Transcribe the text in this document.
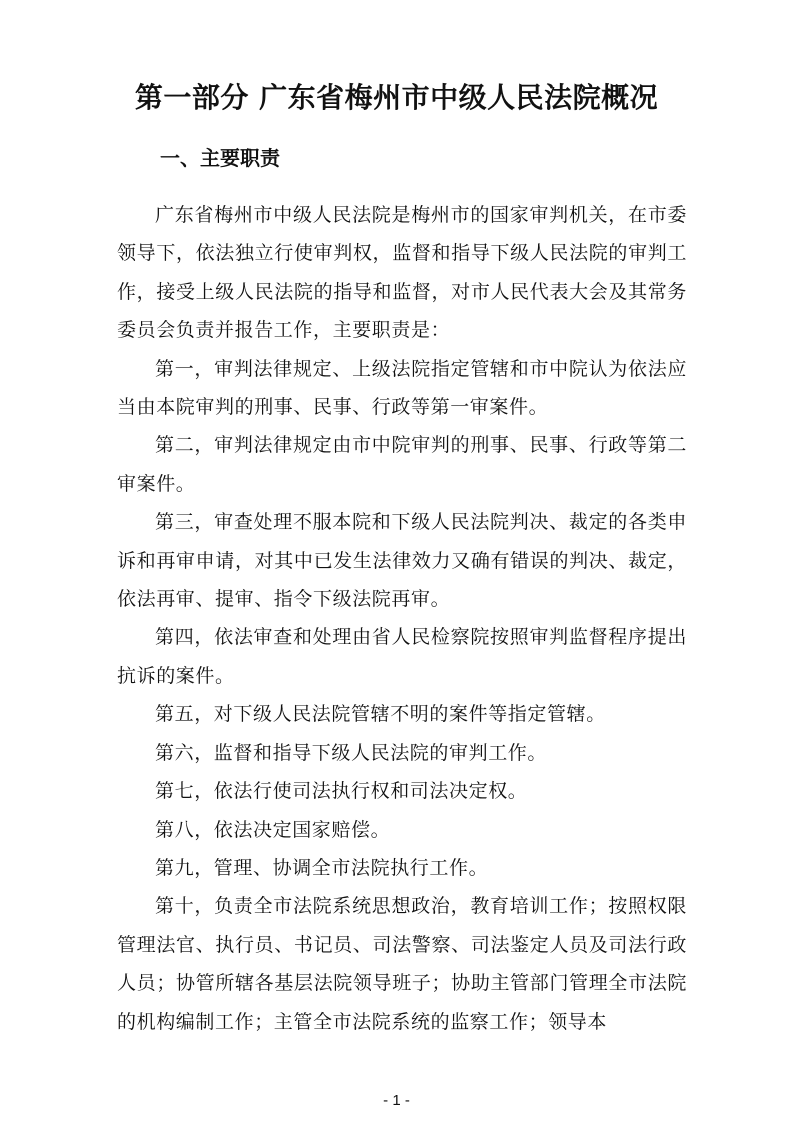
第一部分 广东省梅州市中级人民法院概况
一、主要职责

广东省梅州市中级人民法院是梅州市的国家审判机关，在市委领导下，依法独立行使审判权，监督和指导下级人民法院的审判工作，接受上级人民法院的指导和监督，对市人民代表大会及其常务委员会负责并报告工作，主要职责是：

第一，审判法律规定、上级法院指定管辖和市中院认为依法应当由本院审判的刑事、民事、行政等第一审案件。

第二，审判法律规定由市中院审判的刑事、民事、行政等第二审案件。

第三，审查处理不服本院和下级人民法院判决、裁定的各类申诉和再审申请，对其中已发生法律效力又确有错误的判决、裁定，依法再审、提审、指令下级法院再审。

第四，依法审查和处理由省人民检察院按照审判监督程序提出抗诉的案件。

第五，对下级人民法院管辖不明的案件等指定管辖。

第六，监督和指导下级人民法院的审判工作。

第七，依法行使司法执行权和司法决定权。

第八，依法决定国家赔偿。

第九，管理、协调全市法院执行工作。

第十，负责全市法院系统思想政治，教育培训工作；按照权限管理法官、执行员、书记员、司法警察、司法鉴定人员及司法行政人员；协管所辖各基层法院领导班子；协助主管部门管理全市法院的机构编制工作；主管全市法院系统的监察工作；领导本

- 1 -
